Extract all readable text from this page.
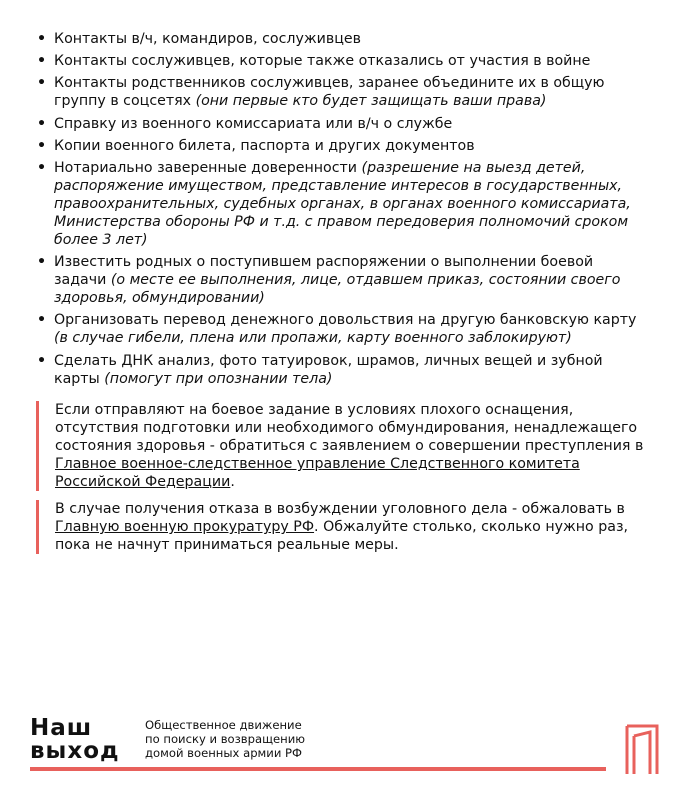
• Контакты в/ч, командиров, сослуживцев
• Контакты сослуживцев, которые также отказались от участия в войне
• Контакты родственников сослуживцев, заранее объедините их в общую группу в соцсетях (они первые кто будет защищать ваши права)
• Справку из военного комиссариата или в/ч о службе
• Копии военного билета, паспорта и других документов
• Нотариально заверенные доверенности (разрешение на выезд детей, распоряжение имуществом, представление интересов в государственных, правоохранительных, судебных органах, в органах военного комиссариата, Министерства обороны РФ и т.д. с правом передоверия полномочий сроком более 3 лет)
• Известить родных о поступившем распоряжении о выполнении боевой задачи (о месте ее выполнения, лице, отдавшем приказ, состоянии своего здоровья, обмундировании)
• Организовать перевод денежного довольствия на другую банковскую карту (в случае гибели, плена или пропажи, карту военного заблокируют)
• Сделать ДНК анализ, фото татуировок, шрамов, личных вещей и зубной карты (помогут при опознании тела)

Если отправляют на боевое задание в условиях плохого оснащения, отсутствия подготовки или необходимого обмундирования, ненадлежащего состояния здоровья - обратиться с заявлением о совершении преступления в Главное военное-следственное управление Следственного комитета Российской Федерации.

В случае получения отказа в возбуждении уголовного дела - обжаловать в Главную военную прокуратуру РФ. Обжалуйте столько, сколько нужно раз, пока не начнут приниматься реальные меры.

Наш
выход
Общественное движение
по поиску и возвращению
домой военных армии РФ
